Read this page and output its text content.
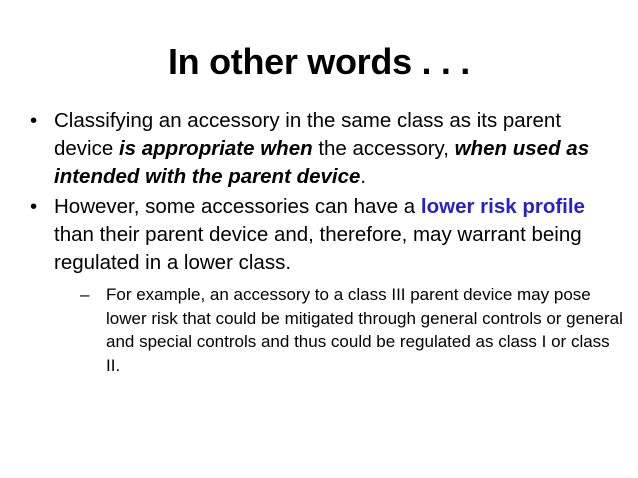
In other words . . .
• Classifying an accessory in the same class as its parent device is appropriate when the accessory, when used as intended with the parent device.
• However, some accessories can have a lower risk profile than their parent device and, therefore, may warrant being regulated in a lower class.
– For example, an accessory to a class III parent device may pose lower risk that could be mitigated through general controls or general and special controls and thus could be regulated as class I or class II.
